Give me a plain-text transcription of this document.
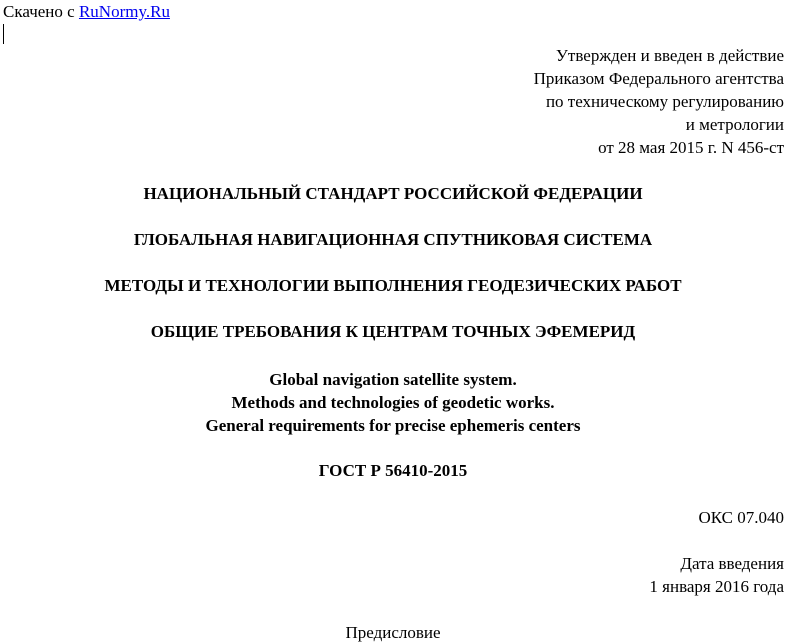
Скачено с RuNormy.Ru
Утвержден и введен в действие
Приказом Федерального агентства
по техническому регулированию
и метрологии
от 28 мая 2015 г. N 456-ст
НАЦИОНАЛЬНЫЙ СТАНДАРТ РОССИЙСКОЙ ФЕДЕРАЦИИ
ГЛОБАЛЬНАЯ НАВИГАЦИОННАЯ СПУТНИКОВАЯ СИСТЕМА
МЕТОДЫ И ТЕХНОЛОГИИ ВЫПОЛНЕНИЯ ГЕОДЕЗИЧЕСКИХ РАБОТ
ОБЩИЕ ТРЕБОВАНИЯ К ЦЕНТРАМ ТОЧНЫХ ЭФЕМЕРИД
Global navigation satellite system.
Methods and technologies of geodetic works.
General requirements for precise ephemeris centers
ГОСТ Р 56410-2015
ОКС 07.040
Дата введения
1 января 2016 года
Предисловие
